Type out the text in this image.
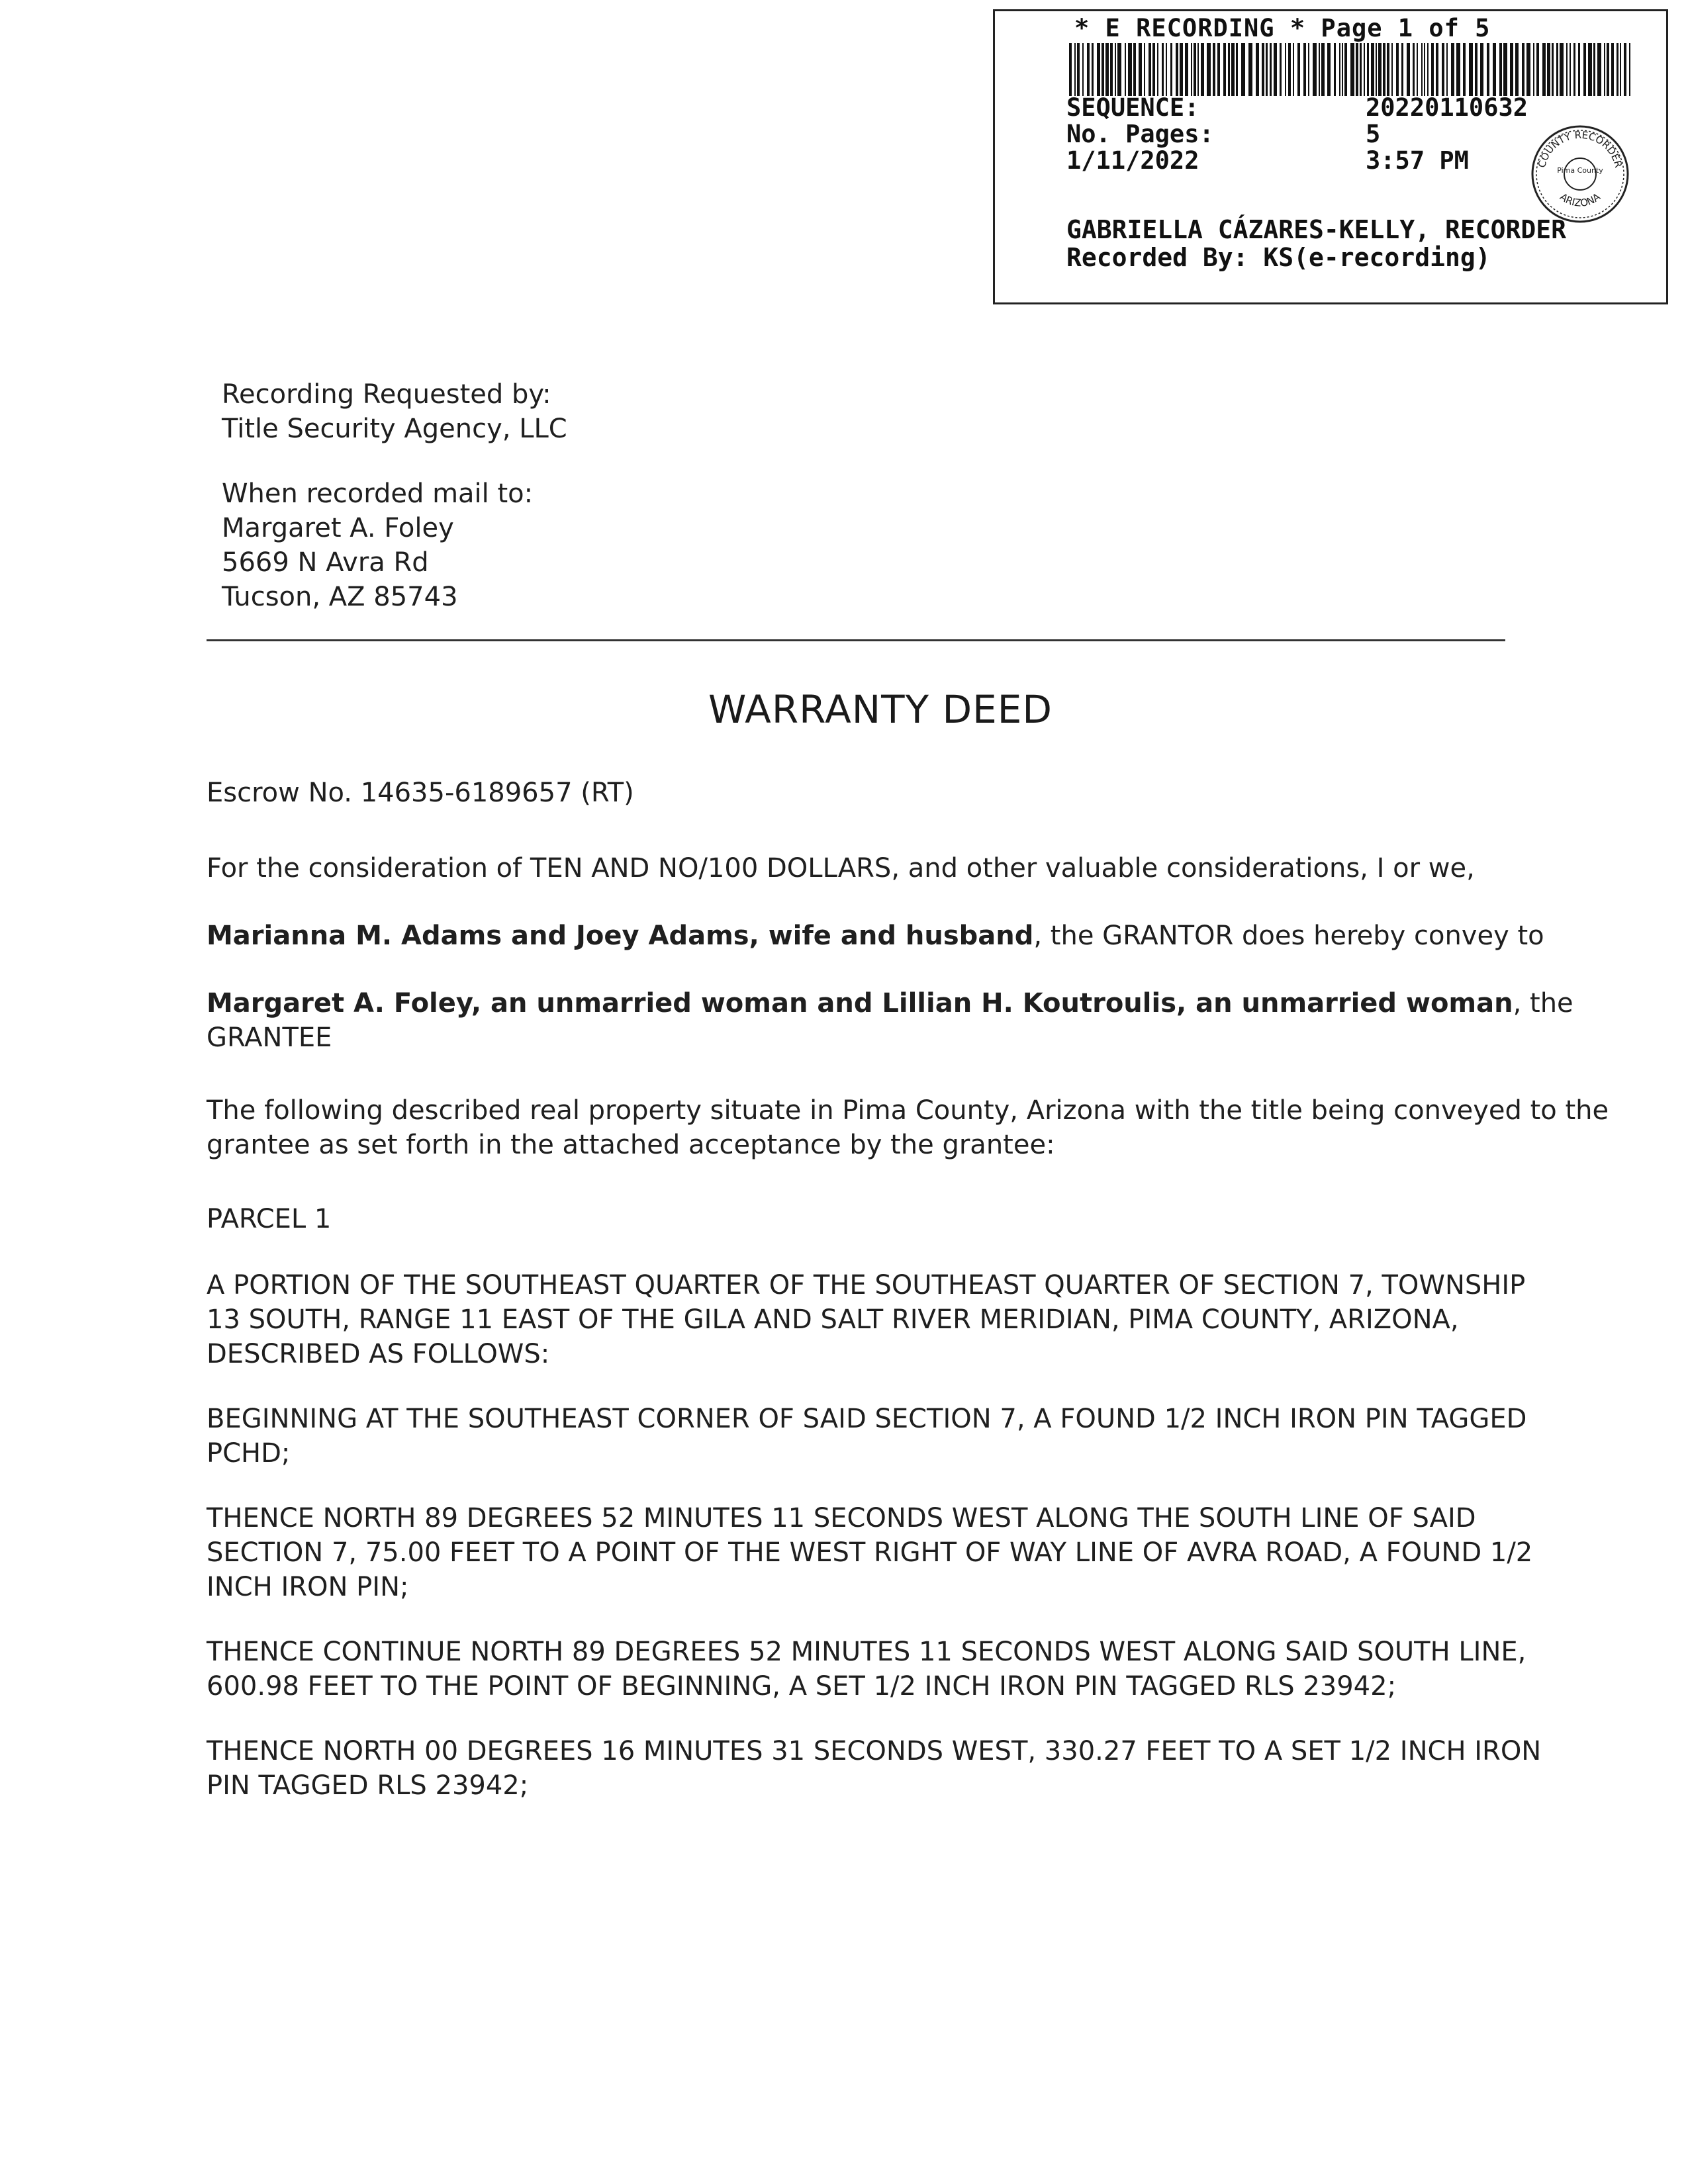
* E RECORDING * Page 1 of 5
SEQUENCE:	20220110632
No. Pages:	5
1/11/2022	3:57 PM	COUNTY RECORDER
Pima County
ARIZONA
GABRIELLA CÁZARES-KELLY, RECORDER
Recorded By: KS(e-recording)
Recording Requested by:
Title Security Agency, LLC
When recorded mail to:
Margaret A. Foley
5669 N Avra Rd
Tucson, AZ 85743
WARRANTY DEED
Escrow No. 14635-6189657 (RT)
For the consideration of TEN AND NO/100 DOLLARS, and other valuable considerations, I or we,
Marianna M. Adams and Joey Adams, wife and husband, the GRANTOR does hereby convey to
Margaret A. Foley, an unmarried woman and Lillian H. Koutroulis, an unmarried woman, the
GRANTEE
The following described real property situate in Pima County, Arizona with the title being conveyed to the
grantee as set forth in the attached acceptance by the grantee:
PARCEL 1
A PORTION OF THE SOUTHEAST QUARTER OF THE SOUTHEAST QUARTER OF SECTION 7, TOWNSHIP
13 SOUTH, RANGE 11 EAST OF THE GILA AND SALT RIVER MERIDIAN, PIMA COUNTY, ARIZONA,
DESCRIBED AS FOLLOWS:
BEGINNING AT THE SOUTHEAST CORNER OF SAID SECTION 7, A FOUND 1/2 INCH IRON PIN TAGGED
PCHD;
THENCE NORTH 89 DEGREES 52 MINUTES 11 SECONDS WEST ALONG THE SOUTH LINE OF SAID
SECTION 7, 75.00 FEET TO A POINT OF THE WEST RIGHT OF WAY LINE OF AVRA ROAD, A FOUND 1/2
INCH IRON PIN;
THENCE CONTINUE NORTH 89 DEGREES 52 MINUTES 11 SECONDS WEST ALONG SAID SOUTH LINE,
600.98 FEET TO THE POINT OF BEGINNING, A SET 1/2 INCH IRON PIN TAGGED RLS 23942;
THENCE NORTH 00 DEGREES 16 MINUTES 31 SECONDS WEST, 330.27 FEET TO A SET 1/2 INCH IRON
PIN TAGGED RLS 23942;
